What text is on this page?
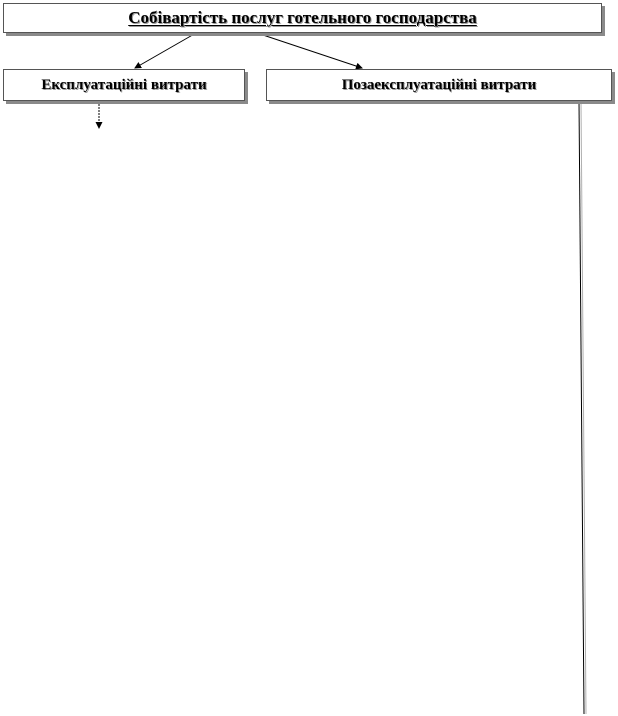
Собівартість послуг готельного господарства
Експлуатаційні витрати	Позаексплуатаційні витрати
